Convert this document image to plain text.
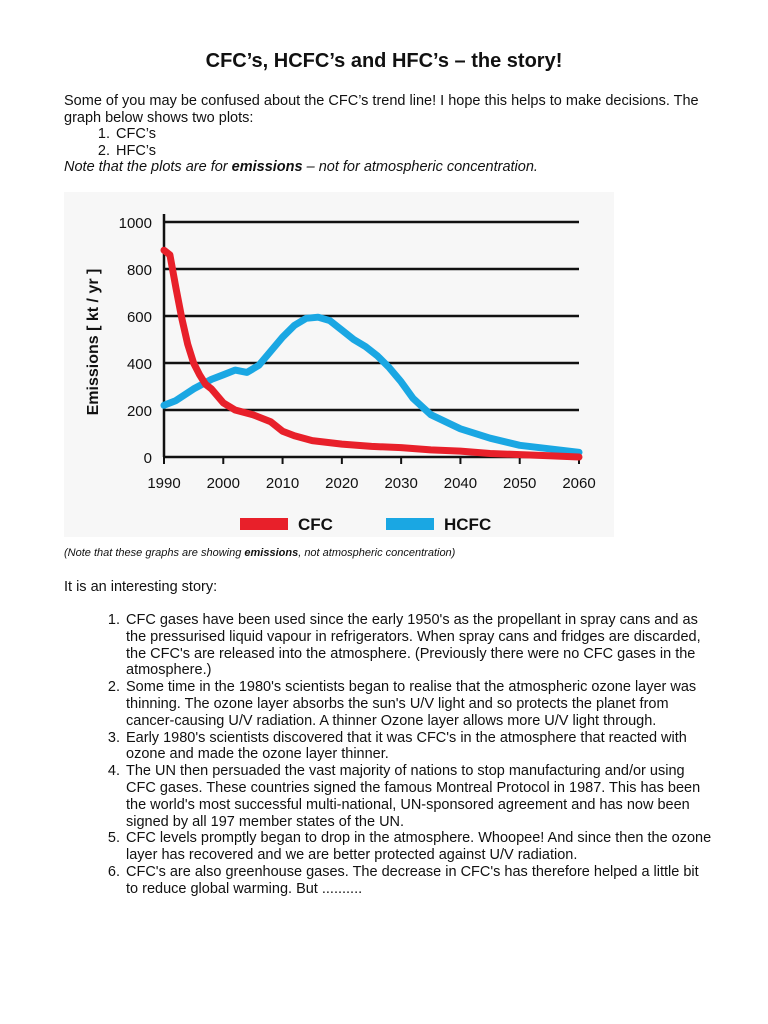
CFC’s, HCFC’s and HFC’s – the story!

Some of you may be confused about the CFC’s trend line! I hope this helps to make decisions. The graph below shows two plots:

1. CFC’s
2. HFC’s

Note that the plots are for emissions – not for atmospheric concentration.

0
200
400
600
800
1000
1990 2000 2010 2020 2030 2040 2050 2060
CFC	HCFC
Emissions [ kt / yr ]
(Note that these graphs are showing emissions, not atmospheric concentration)
It is an interesting story:
1. CFC gases have been used since the early 1950's as the propellant in spray cans and as the pressurised liquid vapour in refrigerators. When spray cans and fridges are discarded, the CFC's are released into the atmosphere. (Previously there were no CFC gases in the atmosphere.)
2. Some time in the 1980's scientists began to realise that the atmospheric ozone layer was thinning. The ozone layer absorbs the sun's U/V light and so protects the planet from cancer-causing U/V radiation. A thinner Ozone layer allows more U/V light through.
3. Early 1980's scientists discovered that it was CFC's in the atmosphere that reacted with ozone and made the ozone layer thinner.
4. The UN then persuaded the vast majority of nations to stop manufacturing and/or using CFC gases. These countries signed the famous Montreal Protocol in 1987. This has been the world's most successful multi-national, UN-sponsored agreement and has now been signed by all 197 member states of the UN.
5. CFC levels promptly began to drop in the atmosphere. Whoopee! And since then the ozone layer has recovered and we are better protected against U/V radiation.
6. CFC's are also greenhouse gases. The decrease in CFC's has therefore helped a little bit to reduce global warming. But ..........
